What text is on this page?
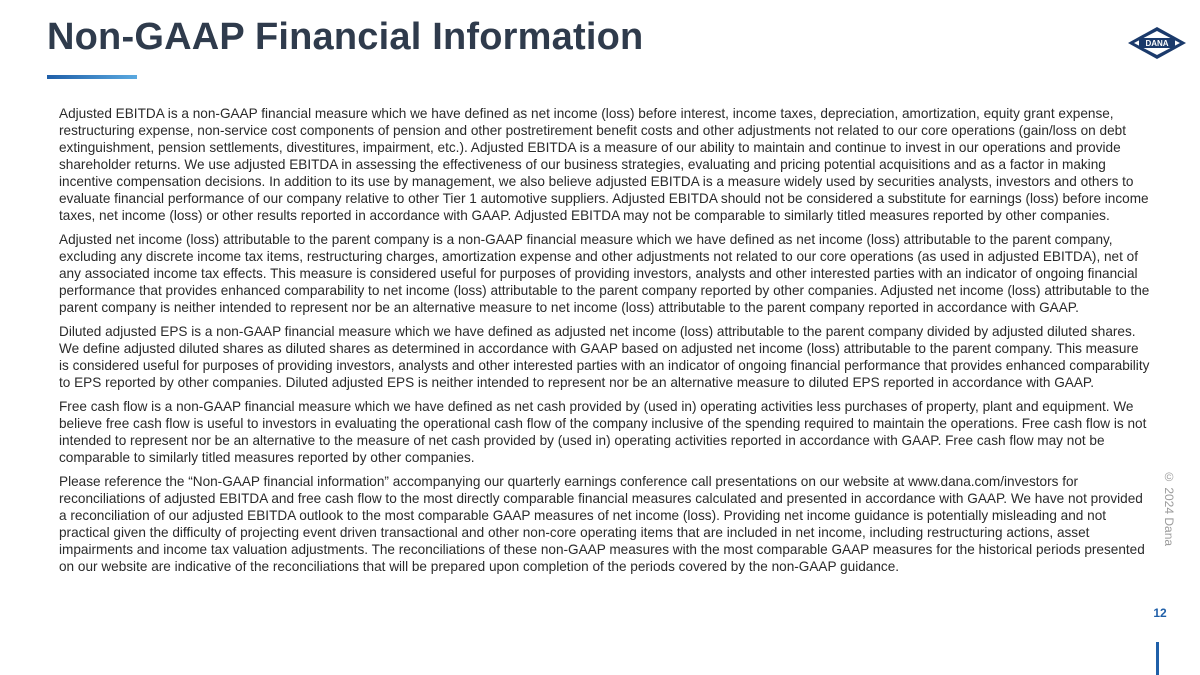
Non-GAAP Financial Information	DANA

Adjusted EBITDA is a non-GAAP financial measure which we have defined as net income (loss) before interest, income taxes, depreciation, amortization, equity grant expense, restructuring expense, non-service cost components of pension and other postretirement benefit costs and other adjustments not related to our core operations (gain/loss on debt extinguishment, pension settlements, divestitures, impairment, etc.). Adjusted EBITDA is a measure of our ability to maintain and continue to invest in our operations and provide shareholder returns. We use adjusted EBITDA in assessing the effectiveness of our business strategies, evaluating and pricing potential acquisitions and as a factor in making incentive compensation decisions. In addition to its use by management, we also believe adjusted EBITDA is a measure widely used by securities analysts, investors and others to evaluate financial performance of our company relative to other Tier 1 automotive suppliers. Adjusted EBITDA should not be considered a substitute for earnings (loss) before income taxes, net income (loss) or other results reported in accordance with GAAP. Adjusted EBITDA may not be comparable to similarly titled measures reported by other companies.

Adjusted net income (loss) attributable to the parent company is a non-GAAP financial measure which we have defined as net income (loss) attributable to the parent company, excluding any discrete income tax items, restructuring charges, amortization expense and other adjustments not related to our core operations (as used in adjusted EBITDA), net of any associated income tax effects. This measure is considered useful for purposes of providing investors, analysts and other interested parties with an indicator of ongoing financial performance that provides enhanced comparability to net income (loss) attributable to the parent company reported by other companies. Adjusted net income (loss) attributable to the parent company is neither intended to represent nor be an alternative measure to net income (loss) attributable to the parent company reported in accordance with GAAP.

Diluted adjusted EPS is a non-GAAP financial measure which we have defined as adjusted net income (loss) attributable to the parent company divided by adjusted diluted shares. We define adjusted diluted shares as diluted shares as determined in accordance with GAAP based on adjusted net income (loss) attributable to the parent company. This measure is considered useful for purposes of providing investors, analysts and other interested parties with an indicator of ongoing financial performance that provides enhanced comparability to EPS reported by other companies. Diluted adjusted EPS is neither intended to represent nor be an alternative measure to diluted EPS reported in accordance with GAAP.

Free cash flow is a non-GAAP financial measure which we have defined as net cash provided by (used in) operating activities less purchases of property, plant and equipment. We believe free cash flow is useful to investors in evaluating the operational cash flow of the company inclusive of the spending required to maintain the operations. Free cash flow is not intended to represent nor be an alternative to the measure of net cash provided by (used in) operating activities reported in accordance with GAAP. Free cash flow may not be comparable to similarly titled measures reported by other companies.

Please reference the “Non-GAAP financial information” accompanying our quarterly earnings conference call presentations on our website at www.dana.com/investors for reconciliations of adjusted EBITDA and free cash flow to the most directly comparable financial measures calculated and presented in accordance with GAAP. We have not provided a reconciliation of our adjusted EBITDA outlook to the most comparable GAAP measures of net income (loss). Providing net income guidance is potentially misleading and not practical given the difficulty of projecting event driven transactional and other non-core operating items that are included in net income, including restructuring actions, asset impairments and income tax valuation adjustments. The reconciliations of these non-GAAP measures with the most comparable GAAP measures for the historical periods presented on our website are indicative of the reconciliations that will be prepared upon completion of the periods covered by the non-GAAP guidance.

© 2024 Dana
12
